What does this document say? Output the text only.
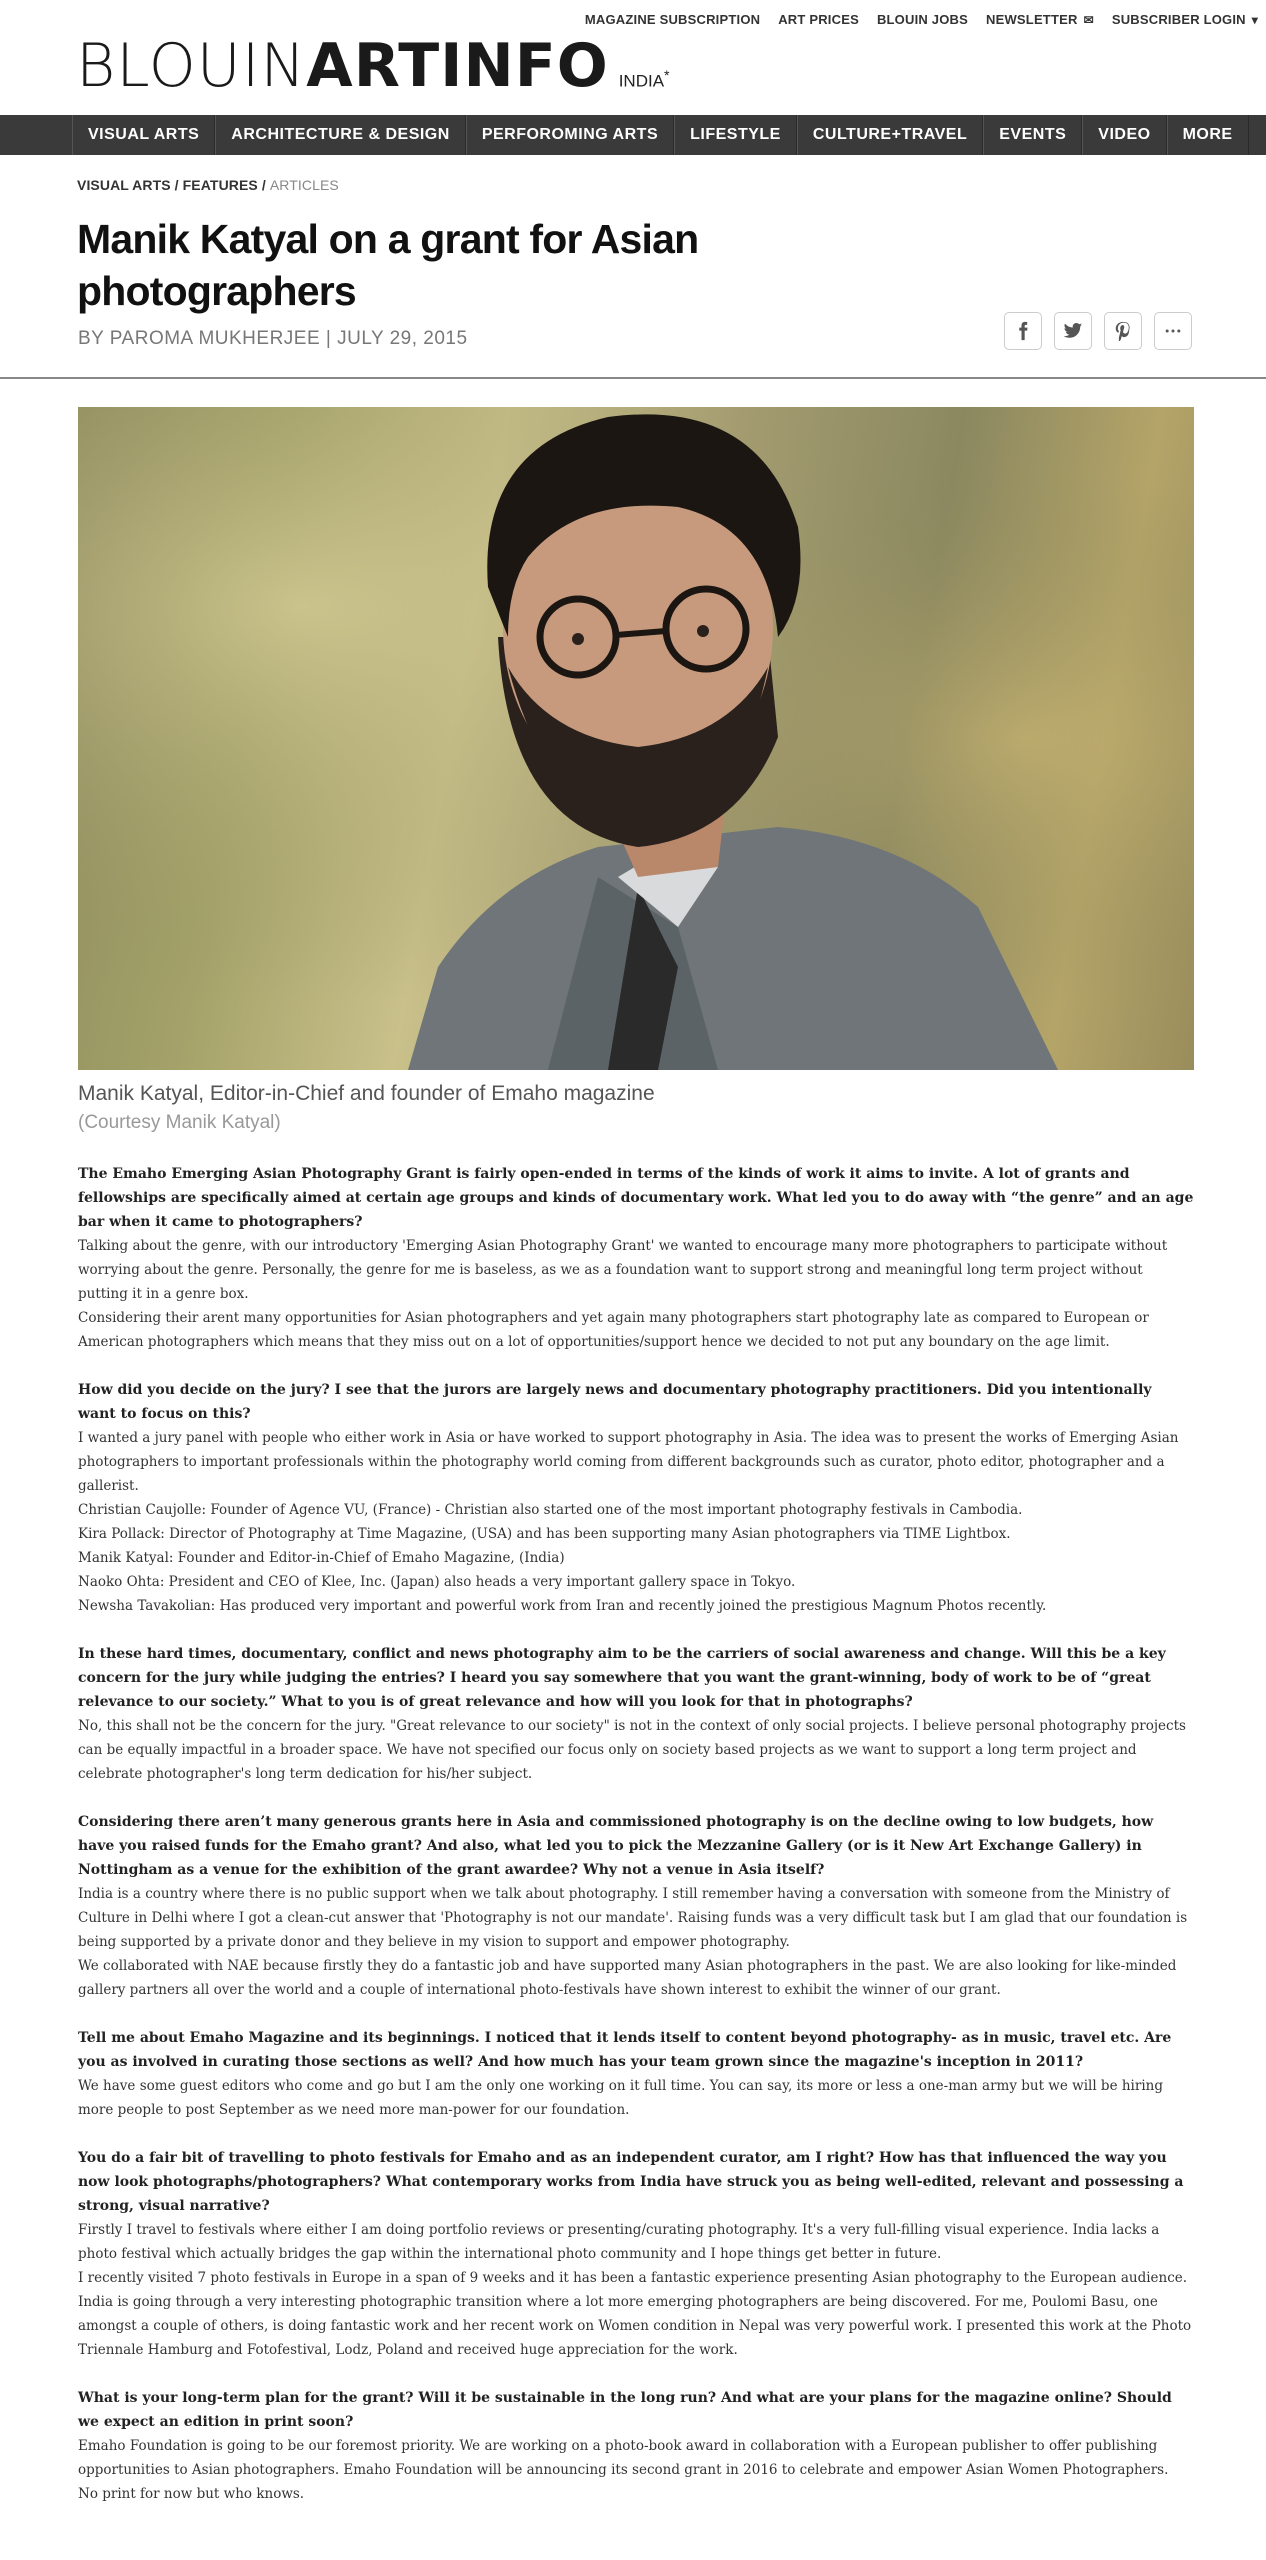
MAGAZINE SUBSCRIPTION ART PRICES BLOUIN JOBS NEWSLETTER ✉ SUBSCRIBER LOGIN ▾
BLOUIN ARTINFO INDIA*
VISUAL ARTS	ARCHITECTURE & DESIGN	PERFOROMING ARTS	LIFESTYLE	CULTURE+TRAVEL	EVENTS	VIDEO	MORE
VISUAL ARTS / FEATURES / ARTICLES
Manik Katyal on a grant for Asian photographers
BY PAROMA MUKHERJEE | JULY 29, 2015
Manik Katyal, Editor-in-Chief and founder of Emaho magazine
(Courtesy Manik Katyal)

The Emaho Emerging Asian Photography Grant is fairly open-ended in terms of the kinds of work it aims to invite. A lot of grants and fellowships are specifically aimed at certain age groups and kinds of documentary work. What led you to do away with “the genre” and an age bar when it came to photographers?

Talking about the genre, with our introductory 'Emerging Asian Photography Grant' we wanted to encourage many more photographers to participate without worrying about the genre. Personally, the genre for me is baseless, as we as a foundation want to support strong and meaningful long term project without putting it in a genre box.

Considering their arent many opportunities for Asian photographers and yet again many photographers start photography late as compared to European or American photographers which means that they miss out on a lot of opportunities/support hence we decided to not put any boundary on the age limit.

How did you decide on the jury? I see that the jurors are largely news and documentary photography practitioners. Did you intentionally want to focus on this?

I wanted a jury panel with people who either work in Asia or have worked to support photography in Asia. The idea was to present the works of Emerging Asian photographers to important professionals within the photography world coming from different backgrounds such as curator, photo editor, photographer and a gallerist.

Christian Caujolle: Founder of Agence VU, (France) - Christian also started one of the most important photography festivals in Cambodia.

Kira Pollack: Director of Photography at Time Magazine, (USA) and has been supporting many Asian photographers via TIME Lightbox.

Manik Katyal: Founder and Editor-in-Chief of Emaho Magazine, (India)

Naoko Ohta: President and CEO of Klee, Inc. (Japan) also heads a very important gallery space in Tokyo.

Newsha Tavakolian: Has produced very important and powerful work from Iran and recently joined the prestigious Magnum Photos recently.

In these hard times, documentary, conflict and news photography aim to be the carriers of social awareness and change. Will this be a key concern for the jury while judging the entries? I heard you say somewhere that you want the grant-winning, body of work to be of “great relevance to our society.” What to you is of great relevance and how will you look for that in photographs?

No, this shall not be the concern for the jury. "Great relevance to our society" is not in the context of only social projects. I believe personal photography projects can be equally impactful in a broader space. We have not specified our focus only on society based projects as we want to support a long term project and celebrate photographer's long term dedication for his/her subject.

Considering there aren’t many generous grants here in Asia and commissioned photography is on the decline owing to low budgets, how have you raised funds for the Emaho grant? And also, what led you to pick the Mezzanine Gallery (or is it New Art Exchange Gallery) in Nottingham as a venue for the exhibition of the grant awardee? Why not a venue in Asia itself?

India is a country where there is no public support when we talk about photography. I still remember having a conversation with someone from the Ministry of Culture in Delhi where I got a clean-cut answer that 'Photography is not our mandate'. Raising funds was a very difficult task but I am glad that our foundation is being supported by a private donor and they believe in my vision to support and empower photography.

We collaborated with NAE because firstly they do a fantastic job and have supported many Asian photographers in the past. We are also looking for like-minded gallery partners all over the world and a couple of international photo-festivals have shown interest to exhibit the winner of our grant.

Tell me about Emaho Magazine and its beginnings. I noticed that it lends itself to content beyond photography- as in music, travel etc. Are you as involved in curating those sections as well? And how much has your team grown since the magazine's inception in 2011?

We have some guest editors who come and go but I am the only one working on it full time. You can say, its more or less a one-man army but we will be hiring more people to post September as we need more man-power for our foundation.

You do a fair bit of travelling to photo festivals for Emaho and as an independent curator, am I right? How has that influenced the way you now look photographs/photographers? What contemporary works from India have struck you as being well-edited, relevant and possessing a strong, visual narrative?

Firstly I travel to festivals where either I am doing portfolio reviews or presenting/curating photography. It's a very full-filling visual experience. India lacks a photo festival which actually bridges the gap within the international photo community and I hope things get better in future.

I recently visited 7 photo festivals in Europe in a span of 9 weeks and it has been a fantastic experience presenting Asian photography to the European audience.

India is going through a very interesting photographic transition where a lot more emerging photographers are being discovered. For me, Poulomi Basu, one amongst a couple of others, is doing fantastic work and her recent work on Women condition in Nepal was very powerful work. I presented this work at the Photo Triennale Hamburg and Fotofestival, Lodz, Poland and received huge appreciation for the work.

What is your long-term plan for the grant? Will it be sustainable in the long run? And what are your plans for the magazine online? Should we expect an edition in print soon?

Emaho Foundation is going to be our foremost priority. We are working on a photo-book award in collaboration with a European publisher to offer publishing opportunities to Asian photographers. Emaho Foundation will be announcing its second grant in 2016 to celebrate and empower Asian Women Photographers.

No print for now but who knows.
